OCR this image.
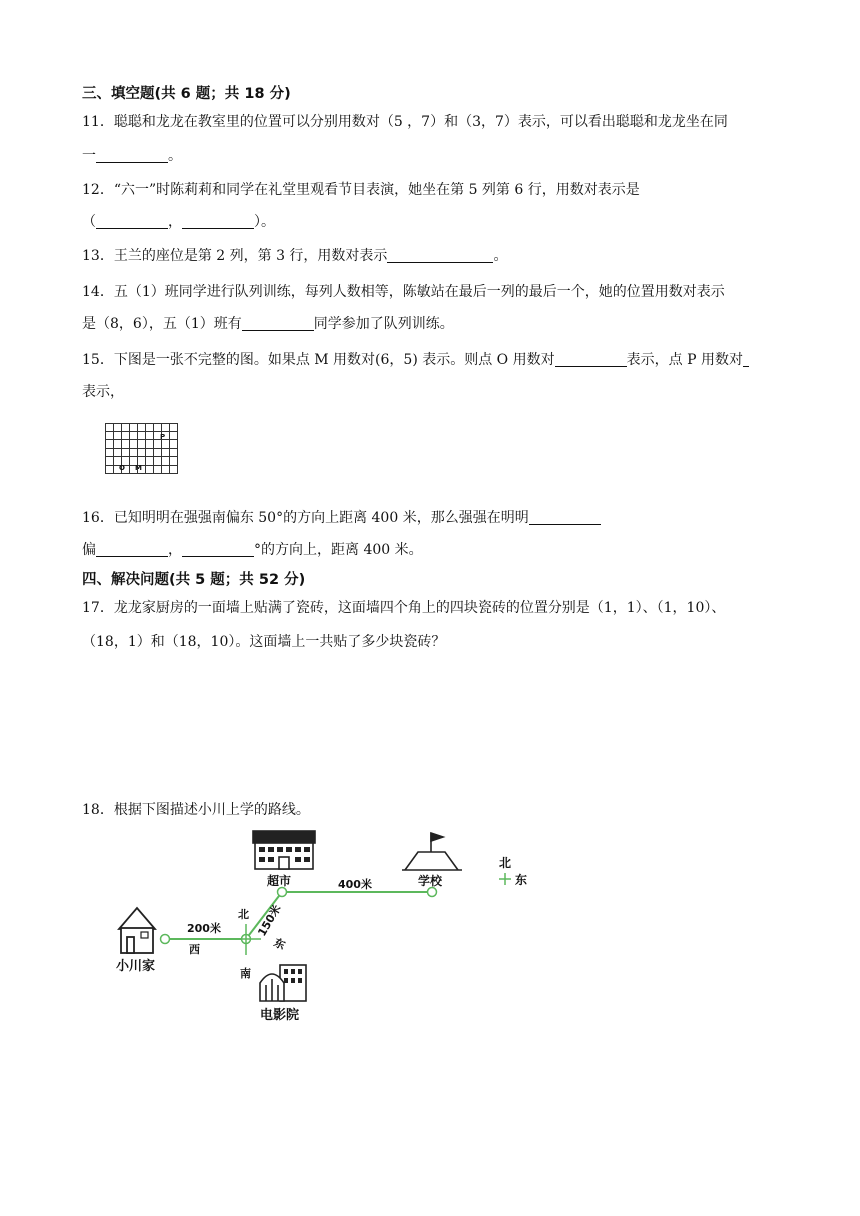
三、填空题(共 6 题；共 18 分)
11．聪聪和龙龙在教室里的位置可以分别用数对（5 ，7）和（3，7）表示，可以看出聪聪和龙龙坐在同
一	。
12．“六一”时陈莉莉和同学在礼堂里观看节目表演，她坐在第 5 列第 6 行，用数对表示是
（	，	）。
13．王兰的座位是第 2 列，第 3 行，用数对表示	。
14．五（1）班同学进行队列训练，每列人数相等，陈敏站在最后一列的最后一个，她的位置用数对表示
是（8，6），五（1）班有	同学参加了队列训练。
15．下图是一张不完整的图。如果点 M 用数对(6，5) 表示。则点 O 用数对	表示，点 P 用数对
表示，
P
O M
16．已知明明在强强南偏东 50°的方向上距离 400 米，那么强强在明明
偏	，	°的方向上，距离 400 米。
四、解决问题(共 5 题；共 52 分)
17．龙龙家厨房的一面墙上贴满了瓷砖，这面墙四个角上的四块瓷砖的位置分别是（1，1）、（1，10）、
（18，1）和（18，10）。这面墙上一共贴了多少块瓷砖？
18．根据下图描述小川上学的路线。
小川家
超市	学校
北
东
200米
400米
150米
北
西	东
南
电影院
